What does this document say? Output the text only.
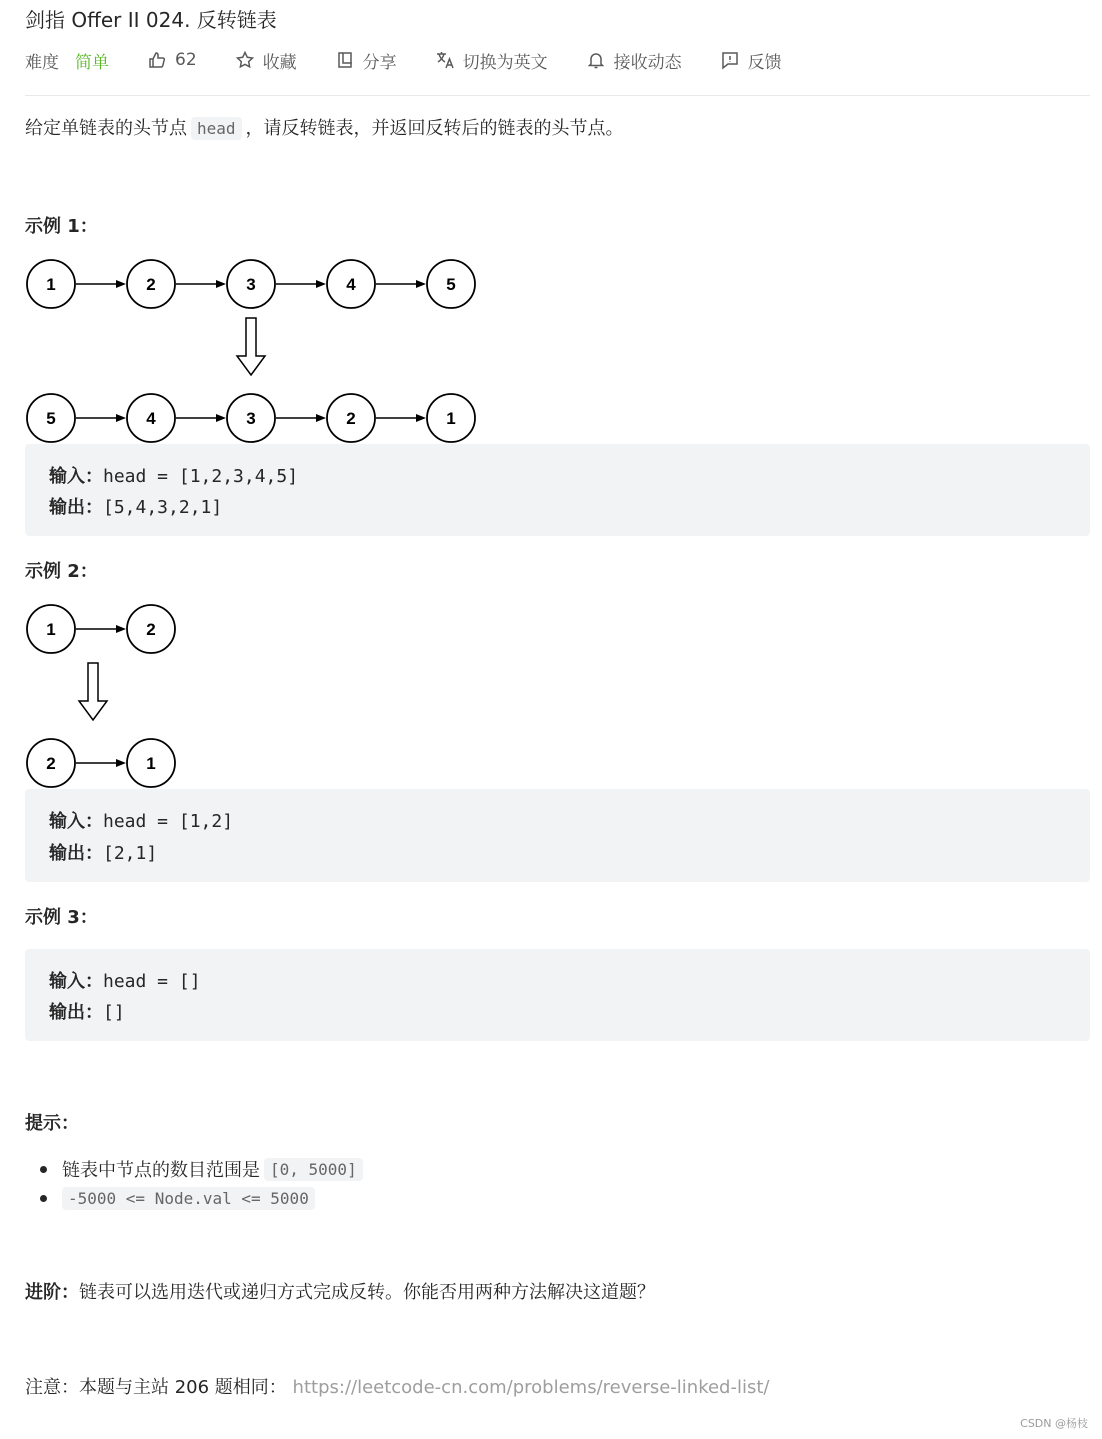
剑指 Offer II 024. 反转链表
难度 简单	62	收藏	分享	切换为英文	接收动态	反馈
给定单链表的头节点 head ，请反转链表，并返回反转后的链表的头节点。
示例 1：
1	2	3	4	5
5	4	3	2	1
输入：head = [1,2,3,4,5]
输出：[5,4,3,2,1]
示例 2：
1	2
2	1
输入：head = [1,2]
输出：[2,1]
示例 3：
输入：head = []
输出：[]
提示：
链表中节点的数目范围是 [0, 5000]
-5000 <= Node.val <= 5000
进阶：链表可以选用迭代或递归方式完成反转。你能否用两种方法解决这道题？
注意：本题与主站 206 题相同： https://leetcode-cn.com/problems/reverse-linked-list/
CSDN @杨枝
